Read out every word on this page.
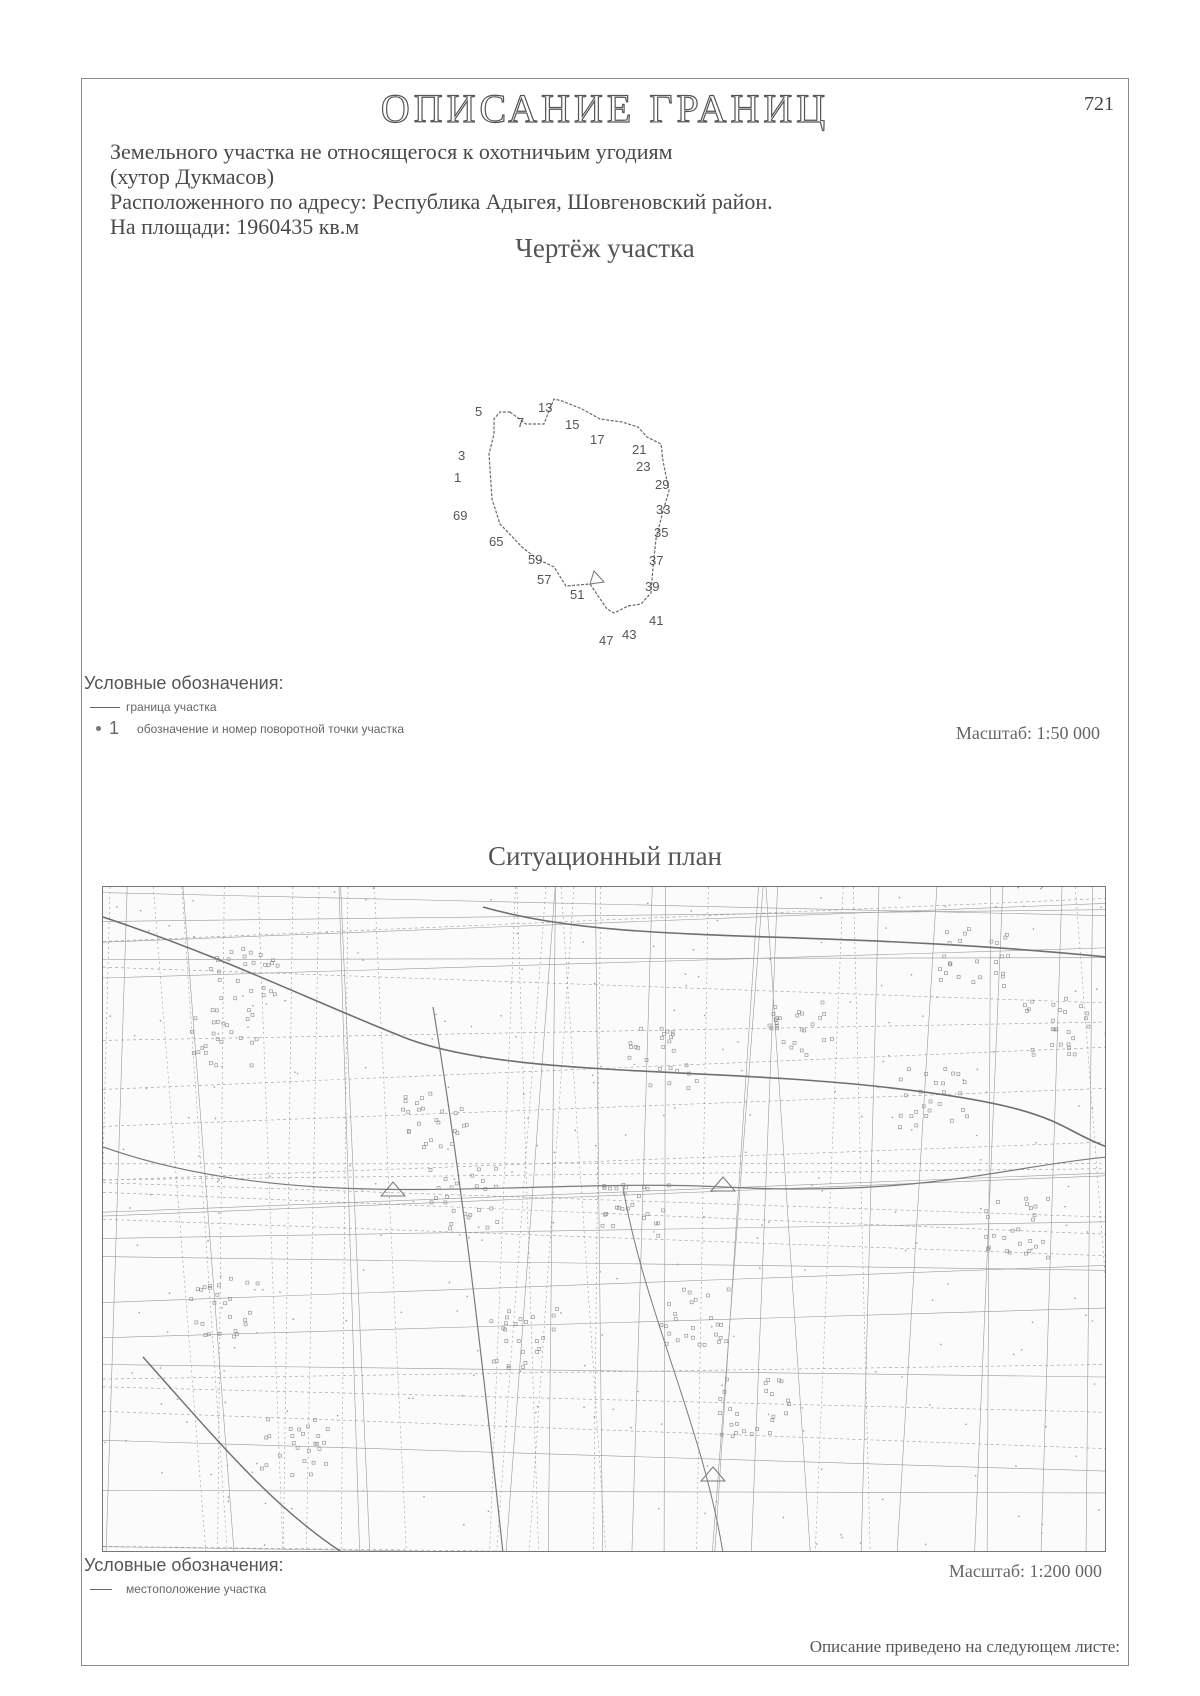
ОПИСАНИЕ ГРАНИЦ	721
Земельного участка не относящегося к охотничьим угодиям
(хутор Дукмасов)
Расположенного по адресу: Республика Адыгея, Шовгеновский район.
На площади: 1960435 кв.м
Чертёж участка
5
7
13
15
17
21
23
29
33
35
37
39
41
43
47
51
57
59
65
69
1
3
Условные обозначения:
граница участка
1 обозначение и номер поворотной точки участка	Масштаб: 1:50 000
Ситуационный план
Условные обозначения:
местоположение участка
Масштаб: 1:200 000
Описание приведено на следующем листе:
